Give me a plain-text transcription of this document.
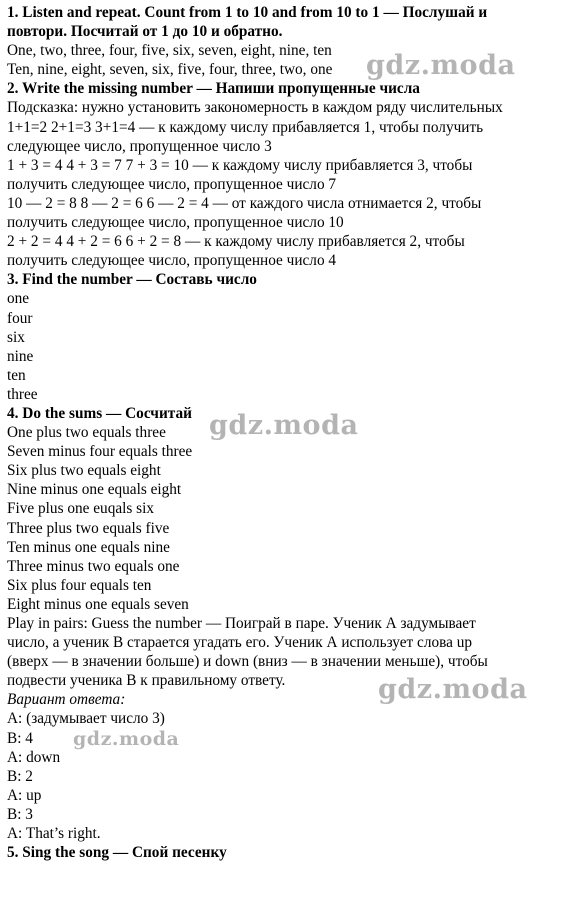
1. Listen and repeat. Count from 1 to 10 and from 10 to 1 — Послушай и
повтори. Посчитай от 1 до 10 и обратно.
One, two, three, four, five, six, seven, eight, nine, ten
Ten, nine, eight, seven, six, five, four, three, two, one
2. Write the missing number — Напиши пропущенные числа
Подсказка: нужно установить закономерность в каждом ряду числительных
1+1=2 2+1=3 3+1=4 — к каждому числу прибавляется 1, чтобы получить
следующее число, пропущенное число 3
1 + 3 = 4 4 + 3 = 7 7 + 3 = 10 — к каждому числу прибавляется 3, чтобы
получить следующее число, пропущенное число 7
10 — 2 = 8 8 — 2 = 6 6 — 2 = 4 — от каждого числа отнимается 2, чтобы
получить следующее число, пропущенное число 10
2 + 2 = 4 4 + 2 = 6 6 + 2 = 8 — к каждому числу прибавляется 2, чтобы
получить следующее число, пропущенное число 4
3. Find the number — Составь число
one
four
six
nine
ten
three
4. Do the sums — Сосчитай
One plus two equals three
Seven minus four equals three
Six plus two equals eight
Nine minus one equals eight
Five plus one euqals six
Three plus two equals five
Ten minus one equals nine
Three minus two equals one
Six plus four equals ten
Eight minus one equals seven
Play in pairs: Guess the number — Поиграй в паре. Ученик А задумывает
число, а ученик В старается угадать его. Ученик А использует слова up
(вверх — в значении больше) и down (вниз — в значении меньше), чтобы
подвести ученика В к правильному ответу.
Вариант ответа:
A: (задумывает число 3)
B: 4
A: down
B: 2
A: up
B: 3
A: That’s right.
5. Sing the song — Спой песенку
gdz.moda
gdz.moda
gdz.moda
gdz.moda
